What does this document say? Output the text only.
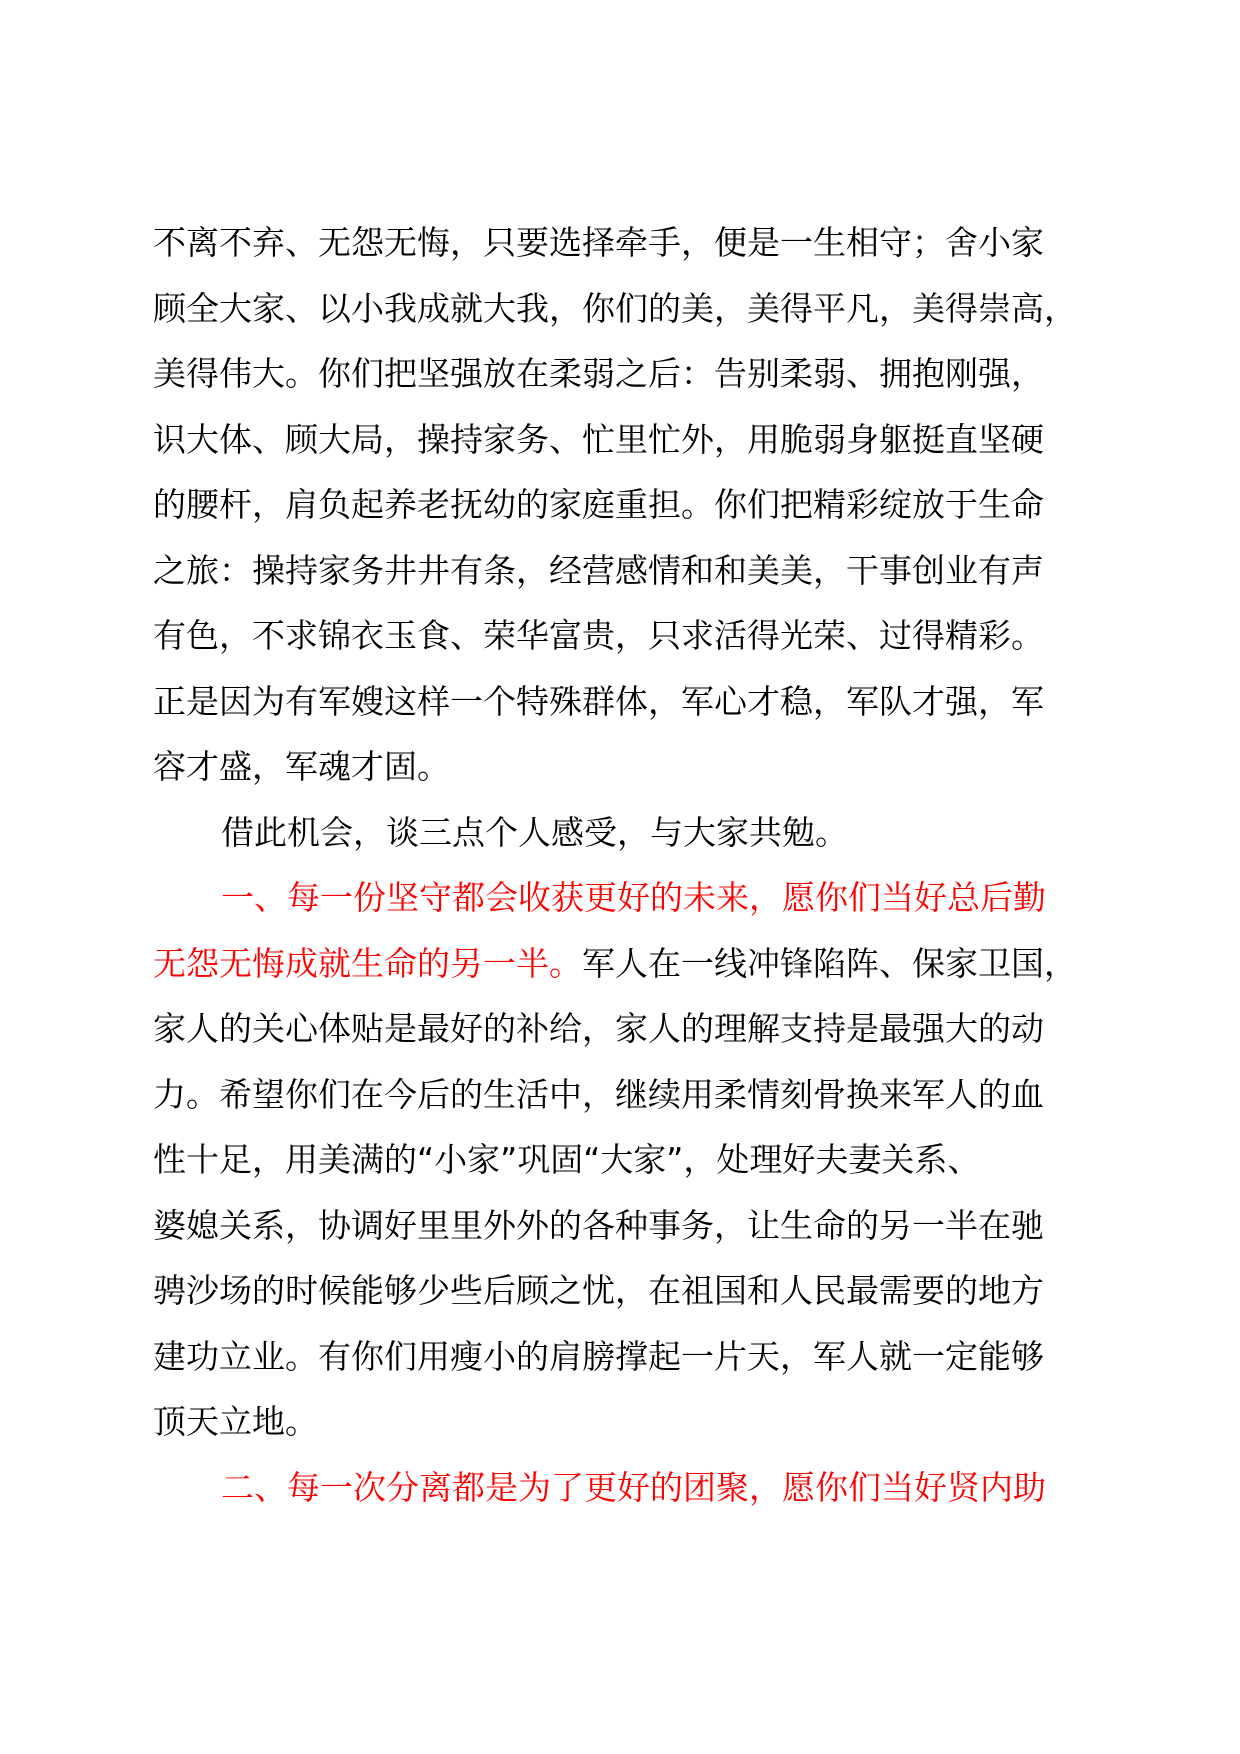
不离不弃、无怨无悔，只要选择牵手，便是一生相守；舍小家
顾全大家、以小我成就大我，你们的美，美得平凡，美得崇高，
美得伟大。你们把坚强放在柔弱之后：告别柔弱、拥抱刚强，
识大体、顾大局，操持家务、忙里忙外，用脆弱身躯挺直坚硬
的腰杆，肩负起养老抚幼的家庭重担。你们把精彩绽放于生命
之旅：操持家务井井有条，经营感情和和美美，干事创业有声
有色，不求锦衣玉食、荣华富贵，只求活得光荣、过得精彩。
正是因为有军嫂这样一个特殊群体，军心才稳，军队才强，军
容才盛，军魂才固。
借此机会，谈三点个人感受，与大家共勉。
一、每一份坚守都会收获更好的未来，愿你们当好总后勤
无怨无悔成就生命的另一半。军人在一线冲锋陷阵、保家卫国，
家人的关心体贴是最好的补给，家人的理解支持是最强大的动
力。希望你们在今后的生活中，继续用柔情刻骨换来军人的血
性十足，用美满的“小家”巩固“大家”，处理好夫妻关系、
婆媳关系，协调好里里外外的各种事务，让生命的另一半在驰
骋沙场的时候能够少些后顾之忧，在祖国和人民最需要的地方
建功立业。有你们用瘦小的肩膀撑起一片天，军人就一定能够
顶天立地。
二、每一次分离都是为了更好的团聚，愿你们当好贤内助
